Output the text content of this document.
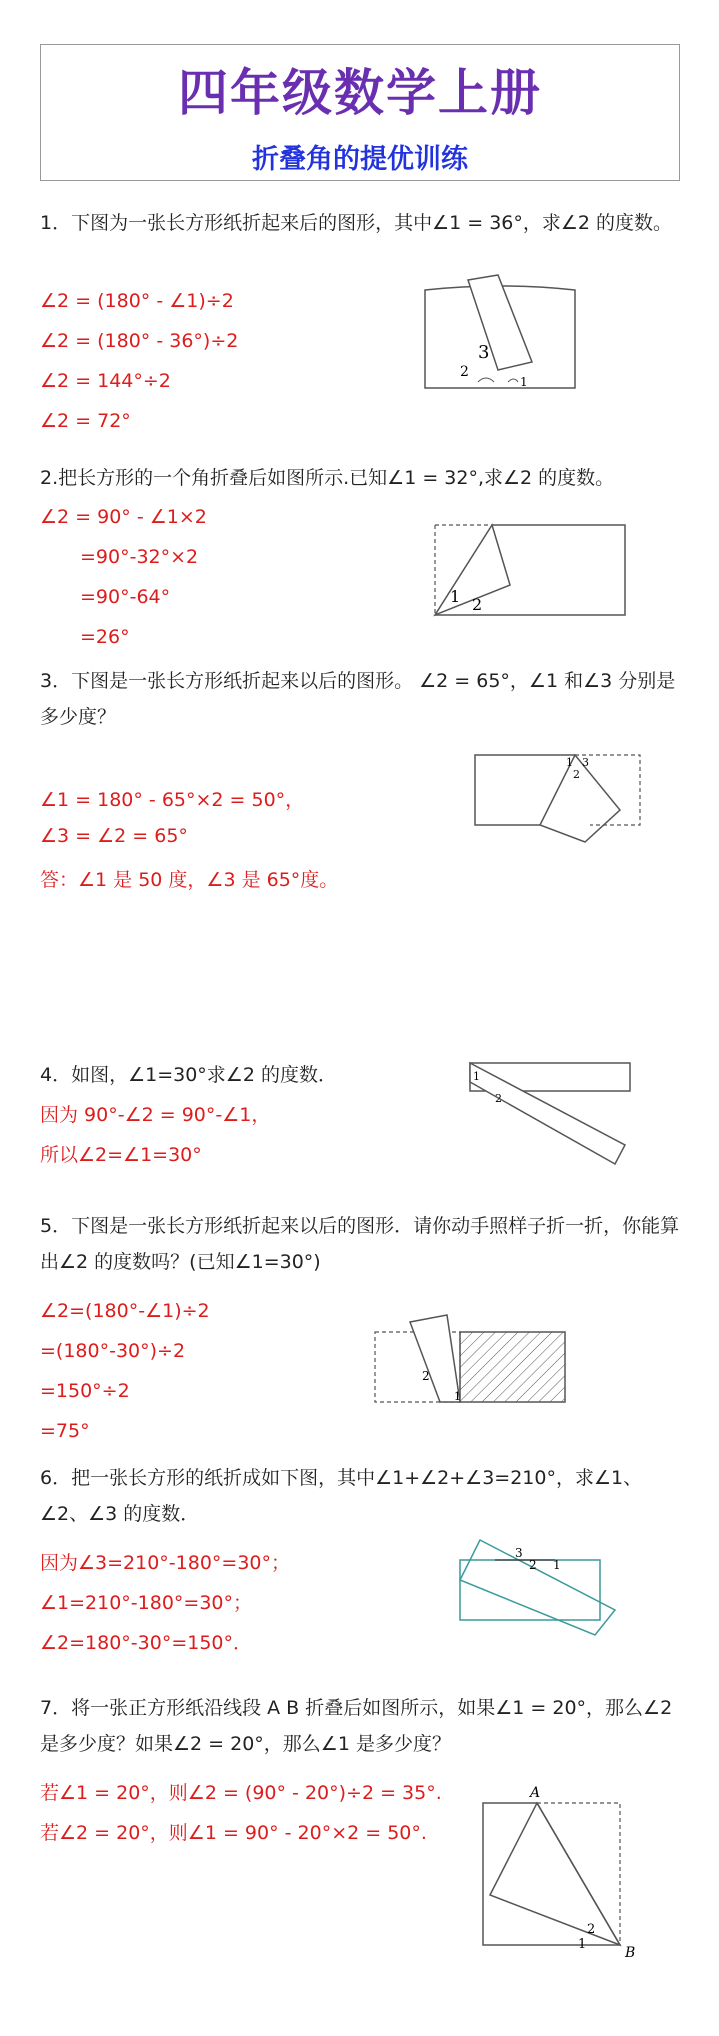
四年级数学上册
折叠角的提优训练
1．下图为一张长方形纸折起来后的图形，其中∠1 = 36°，求∠2 的度数。
∠2 = (180° - ∠1)÷2
∠2 = (180° - 36°)÷2
∠2 = 144°÷2
∠2 = 72°
2
3
1
2.把长方形的一个角折叠后如图所示.已知∠1 = 32°,求∠2 的度数。
∠2 = 90° - ∠1×2
=90°-32°×2
=90°-64°
=26°
1 2
3．下图是一张长方形纸折起来以后的图形。 ∠2 = 65°，∠1 和∠3 分别是多少度？
∠1 = 180° - 65°×2 = 50°，
∠3 = ∠2 = 65°
答：∠1 是 50 度，∠3 是 65°度。
1 3
2
4．如图，∠1=30°求∠2 的度数．
因为 90°-∠2 = 90°-∠1，
所以∠2=∠1=30°
1
2
5．下图是一张长方形纸折起来以后的图形．请你动手照样子折一折，你能算出∠2 的度数吗？(已知∠1=30°)
∠2=(180°-∠1)÷2
=(180°-30°)÷2
=150°÷2
=75°
2
1
6．把一张长方形的纸折成如下图，其中∠1+∠2+∠3=210°，求∠1、∠2、∠3 的度数．
因为∠3=210°-180°=30°；
∠1=210°-180°=30°；
∠2=180°-30°=150°．
3
2 1
7．将一张正方形纸沿线段 A B 折叠后如图所示，如果∠1 = 20°，那么∠2 是多少度？如果∠2 = 20°，那么∠1 是多少度？
若∠1 = 20°，则∠2 = (90° - 20°)÷2 = 35°.
若∠2 = 20°，则∠1 = 90° - 20°×2 = 50°.
A
2
1
B
